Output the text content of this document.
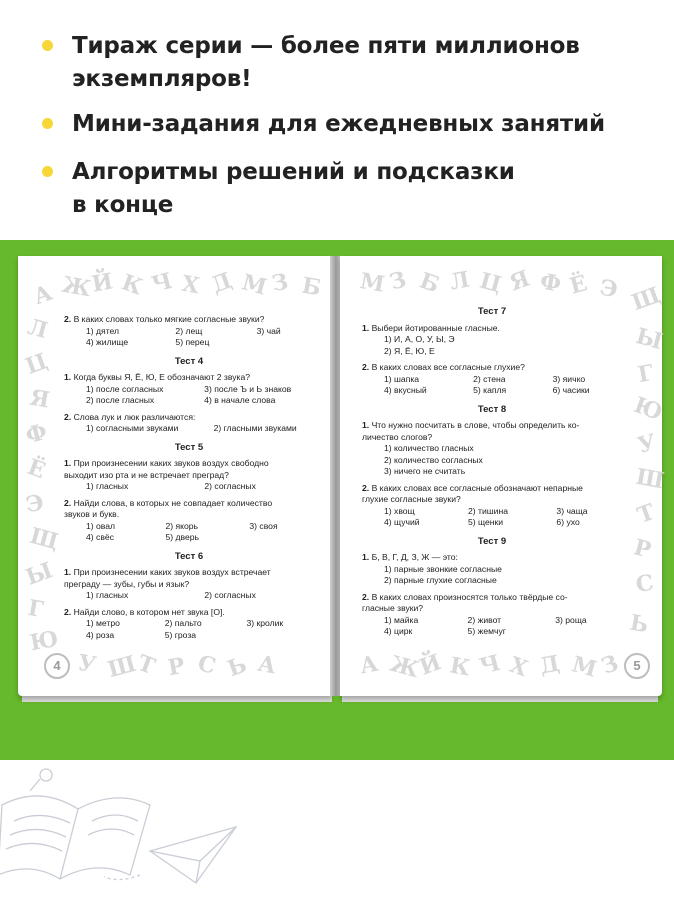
Тираж серии — более пяти миллионов
экземпляров!
Мини-задания для ежедневных занятий
Алгоритмы решений и подсказки
в конце
А Ж
Й К Ч Х Д М З Б
Л
Ц
Я
Ф
Ё
Э
Щ
Ы
Г
Ю
У Ш
Т Р С Ь А
2. В каких словах только мягкие согласные звуки?
1) дятел	2) лещ	3) чай
4) жилище	5) перец
Тест 4
1. Когда буквы Я, Ё, Ю, Е обозначают 2 звука?
1) после согласных	3) после Ъ и Ь знаков
2) после гласных	4) в начале слова
2. Слова лук и люк различаются:
1) согласными звуками	2) гласными звуками
Тест 5
1. При произнесении каких звуков воздух свободно
выходит изо рта и не встречает преград?
1) гласных	2) согласных
2. Найди слова, в которых не совпадает количество
звуков и букв.
1) овал	2) якорь	3) своя
4) свёс	5) дверь
Тест 6
1. При произнесении каких звуков воздух встречает
преграду — зубы, губы и язык?
1) гласных	2) согласных
2. Найди слово, в котором нет звука [О].
1) метро	2) пальто	3) кролик
4) роза	5) гроза
4
М З Б Л Ц Я Ф Ё Э Щ
Ы
Г
Ю
У
Ш
Т
Р
С
Ь
А Ж
Й К Ч Х Д М
З
Тест 7
1. Выбери йотированные гласные.
1) И, А, О, У, Ы, Э
2) Я, Ё, Ю, Е
2. В каких словах все согласные глухие?
1) шапка	2) стена	3) яичко
4) вкусный	5) капля	6) часики
Тест 8
1. Что нужно посчитать в слове, чтобы определить ко-
личество слогов?
1) количество гласных
2) количество согласных
3) ничего не считать
2. В каких словах все согласные обозначают непарные
глухие согласные звуки?
1) хвощ	2) тишина	3) чаща
4) щучий	5) щенки	6) ухо
Тест 9
1. Б, В, Г, Д, З, Ж — это:
1) парные звонкие согласные
2) парные глухие согласные
2. В каких словах произносятся только твёрдые со-
гласные звуки?
1) майка	2) живот	3) роща
4) цирк	5) жемчуг
5
